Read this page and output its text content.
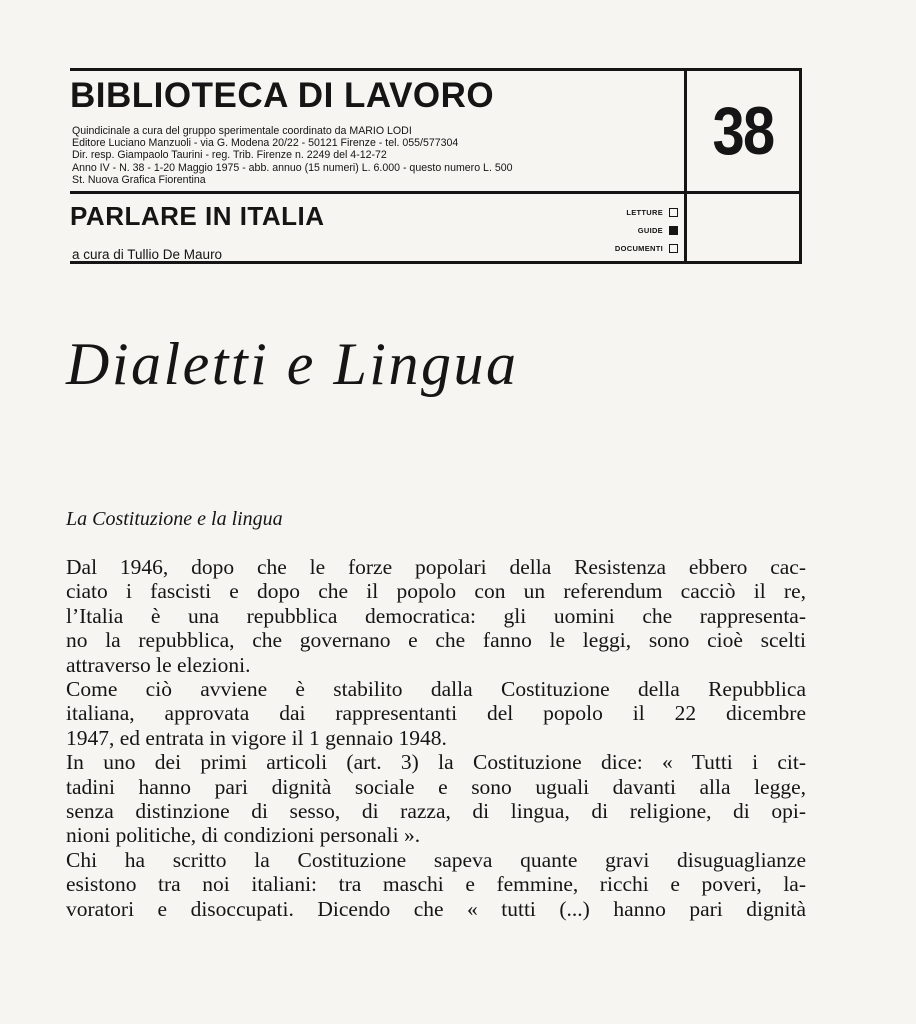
BIBLIOTECA DI LAVORO
Quindicinale a cura del gruppo sperimentale coordinato da MARIO LODI
Editore Luciano Manzuoli - via G. Modena 20/22 - 50121 Firenze - tel. 055/577304
Dir. resp. Giampaolo Taurini - reg. Trib. Firenze n. 2249 del 4-12-72
Anno IV - N. 38 - 1-20 Maggio 1975 - abb. annuo (15 numeri) L. 6.000 - questo numero L. 500
St. Nuova Grafica Fiorentina
38
PARLARE IN ITALIA
a cura di Tullio De Mauro
LETTURE
GUIDE
DOCUMENTI
Dialetti e Lingua
La Costituzione e la lingua
Dal 1946, dopo che le forze popolari della Resistenza ebbero cac-
ciato i fascisti e dopo che il popolo con un referendum cacciò il re,
l’Italia è una repubblica democratica: gli uomini che rappresenta-
no la repubblica, che governano e che fanno le leggi, sono cioè scelti
attraverso le elezioni.
Come ciò avviene è stabilito dalla Costituzione della Repubblica
italiana, approvata dai rappresentanti del popolo il 22 dicembre
1947, ed entrata in vigore il 1 gennaio 1948.
In uno dei primi articoli (art. 3) la Costituzione dice: « Tutti i cit-
tadini hanno pari dignità sociale e sono uguali davanti alla legge,
senza distinzione di sesso, di razza, di lingua, di religione, di opi-
nioni politiche, di condizioni personali ».
Chi ha scritto la Costituzione sapeva quante gravi disuguaglianze
esistono tra noi italiani: tra maschi e femmine, ricchi e poveri, la-
voratori e disoccupati. Dicendo che « tutti (...) hanno pari dignità
